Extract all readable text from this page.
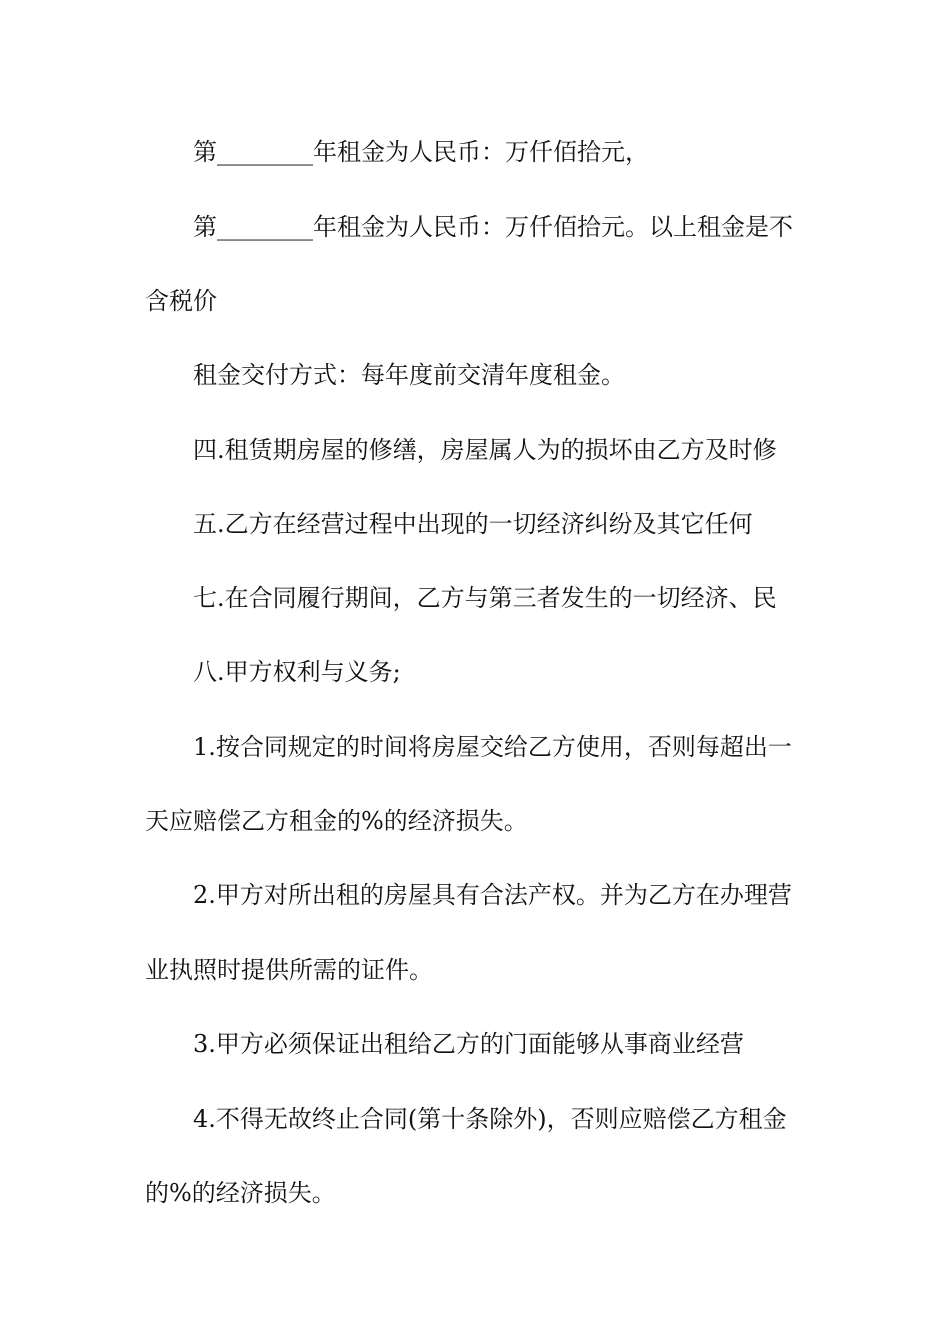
第________年租金为人民币：万仟佰拾元，
第________年租金为人民币：万仟佰拾元。以上租金是不
含税价
租金交付方式：每年度前交清年度租金。
四.租赁期房屋的修缮，房屋属人为的损坏由乙方及时修
五.乙方在经营过程中出现的一切经济纠纷及其它任何
七.在合同履行期间，乙方与第三者发生的一切经济、民
八.甲方权利与义务;
1.按合同规定的时间将房屋交给乙方使用，否则每超出一
天应赔偿乙方租金的%的经济损失。
2.甲方对所出租的房屋具有合法产权。并为乙方在办理营
业执照时提供所需的证件。
3.甲方必须保证出租给乙方的门面能够从事商业经营
4.不得无故终止合同(第十条除外)，否则应赔偿乙方租金
的%的经济损失。
